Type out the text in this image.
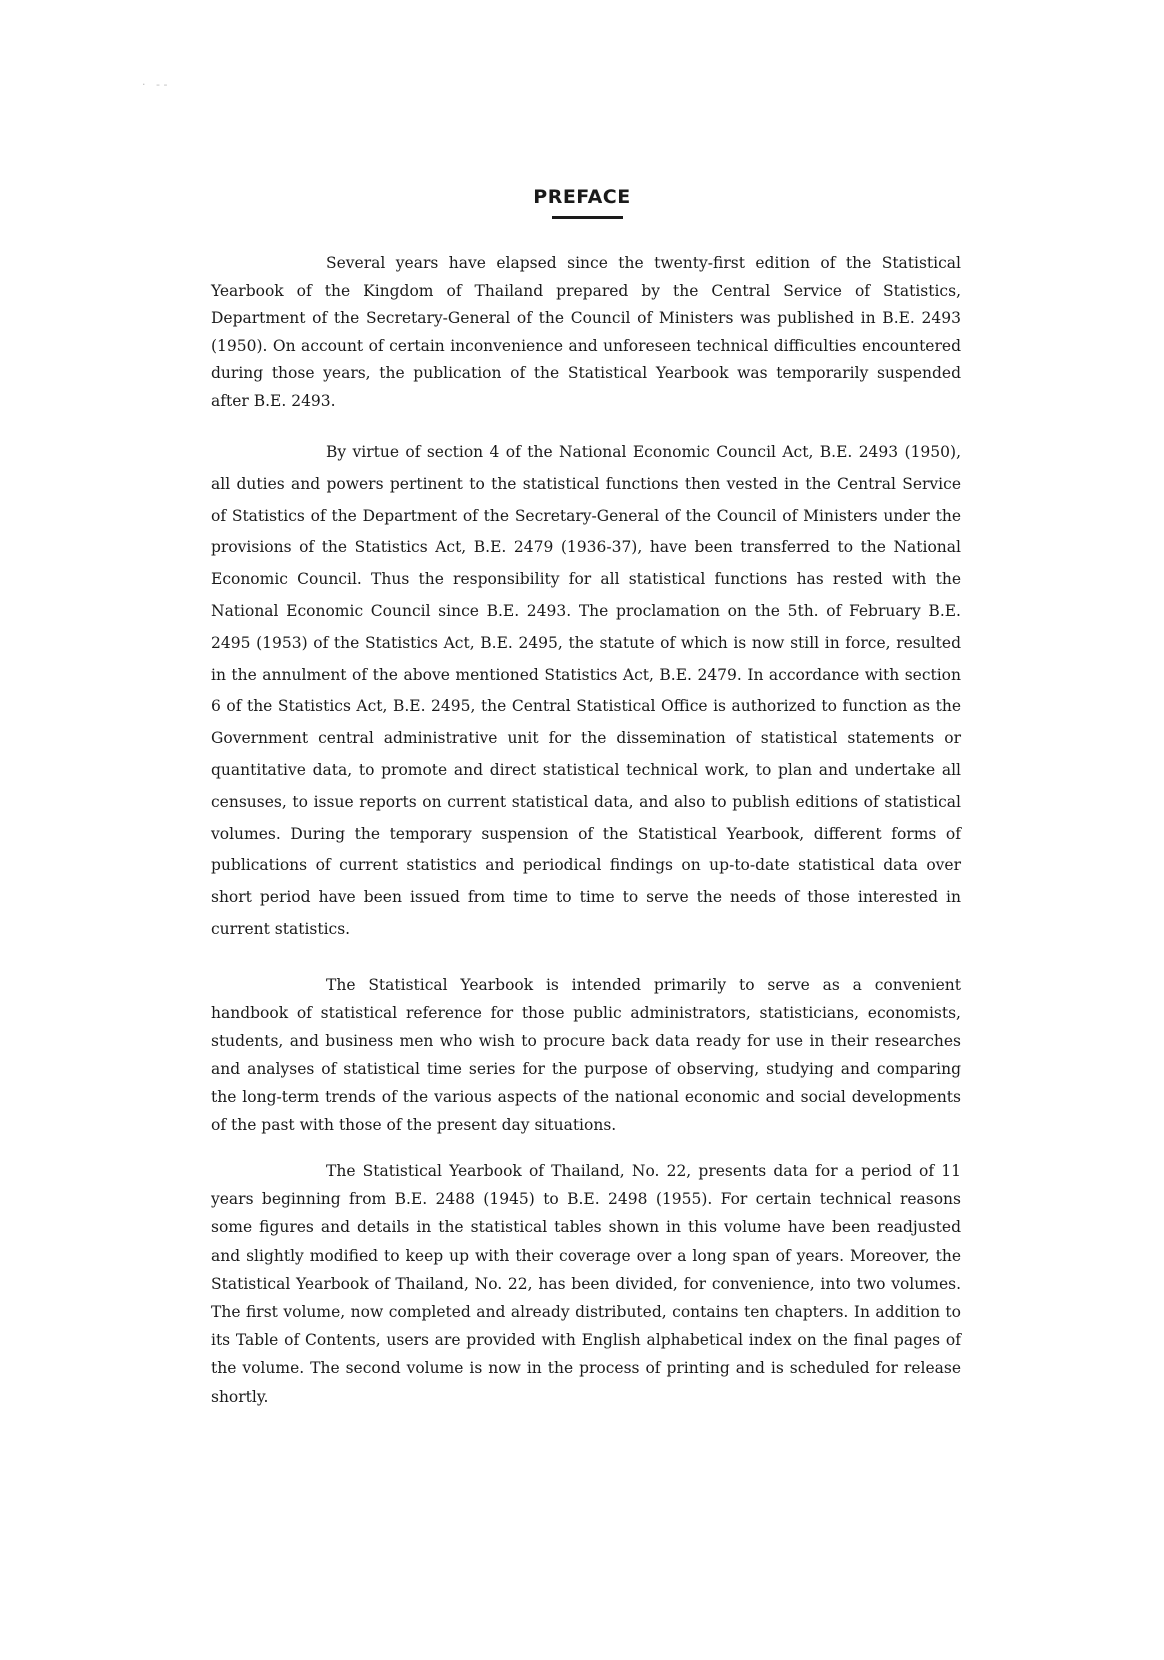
·   - -
PREFACE

Several years have elapsed since the twenty-first edition of the Statistical Yearbook of the Kingdom of Thailand prepared by the Central Service of Statistics, Department of the Secretary-General of the Council of Ministers was published in B.E. 2493 (1950). On account of certain inconvenience and unforeseen technical difficulties encountered during those years, the publication of the Statistical Yearbook was temporarily suspended after B.E. 2493.

By virtue of section 4 of the National Economic Council Act, B.E. 2493 (1950), all duties and powers pertinent to the statistical functions then vested in the Central Service of Statistics of the Department of the Secretary-General of the Council of Ministers under the provisions of the Statistics Act, B.E. 2479 (1936-37), have been transferred to the National Economic Council. Thus the responsibility for all statistical functions has rested with the National Economic Council since B.E. 2493. The proclamation on the 5th. of February B.E. 2495 (1953) of the Statistics Act, B.E. 2495, the statute of which is now still in force, resulted in the annulment of the above mentioned Statistics Act, B.E. 2479. In accordance with section 6 of the Statistics Act, B.E. 2495, the Central Statistical Office is authorized to function as the Government central administrative unit for the dissemination of statistical statements or quantitative data, to promote and direct statistical technical work, to plan and undertake all censuses, to issue reports on current statistical data, and also to publish editions of statistical volumes. During the temporary suspension of the Statistical Yearbook, different forms of publications of current statistics and periodical findings on up-to-date statistical data over short period have been issued from time to time to serve the needs of those interested in current statistics.

The Statistical Yearbook is intended primarily to serve as a convenient handbook of statistical reference for those public administrators, statisticians, economists, students, and business men who wish to procure back data ready for use in their researches and analyses of statistical time series for the purpose of observing, studying and comparing the long-term trends of the various aspects of the national economic and social developments of the past with those of the present day situations.

The Statistical Yearbook of Thailand, No. 22, presents data for a period of 11 years beginning from B.E. 2488 (1945) to B.E. 2498 (1955). For certain technical reasons some figures and details in the statistical tables shown in this volume have been readjusted and slightly modified to keep up with their coverage over a long span of years. Moreover, the Statistical Yearbook of Thailand, No. 22, has been divided, for convenience, into two volumes. The first volume, now completed and already distributed, contains ten chapters. In addition to its Table of Contents, users are provided with English alphabetical index on the final pages of the volume. The second volume is now in the process of printing and is scheduled for release shortly.
